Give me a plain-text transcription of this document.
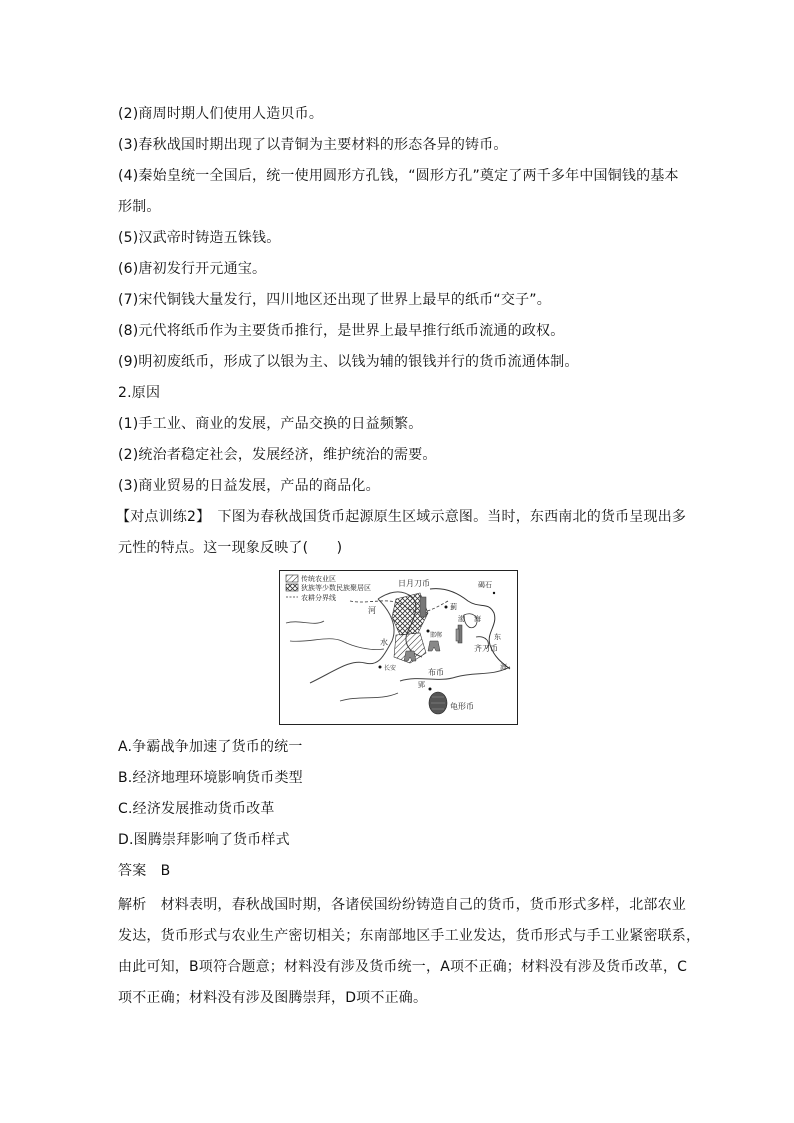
(2)商周时期人们使用人造贝币。
(3)春秋战国时期出现了以青铜为主要材料的形态各异的铸币。
(4)秦始皇统一全国后，统一使用圆形方孔钱，“圆形方孔”奠定了两千多年中国铜钱的基本
形制。
(5)汉武帝时铸造五铢钱。
(6)唐初发行开元通宝。
(7)宋代铜钱大量发行，四川地区还出现了世界上最早的纸币“交子”。
(8)元代将纸币作为主要货币推行，是世界上最早推行纸币流通的政权。
(9)明初废纸币，形成了以银为主、以钱为辅的银钱并行的货币流通体制。
2.原因
(1)手工业、商业的发展，产品交换的日益频繁。
(2)统治者稳定社会，发展经济，维护统治的需要。
(3)商业贸易的日益发展，产品的商品化。
【对点训练2】　下图为春秋战国货币起源原生区域示意图。当时，东西南北的货币呈现出多
元性的特点。这一现象反映了(　　)
传统农业区
狄族等少数民族聚居区
农耕分界线
日月刀币	碣石
蓟
河
水
邯郸
渤 海
东
齐刀币
海
长安	布币
郢
龟形币
A.争霸战争加速了货币的统一
B.经济地理环境影响货币类型
C.经济发展推动货币改革
D.图腾崇拜影响了货币样式
答案　B
解析　材料表明，春秋战国时期，各诸侯国纷纷铸造自己的货币，货币形式多样，北部农业
发达，货币形式与农业生产密切相关；东南部地区手工业发达，货币形式与手工业紧密联系，
由此可知，B项符合题意；材料没有涉及货币统一，A项不正确；材料没有涉及货币改革，C
项不正确；材料没有涉及图腾崇拜，D项不正确。
